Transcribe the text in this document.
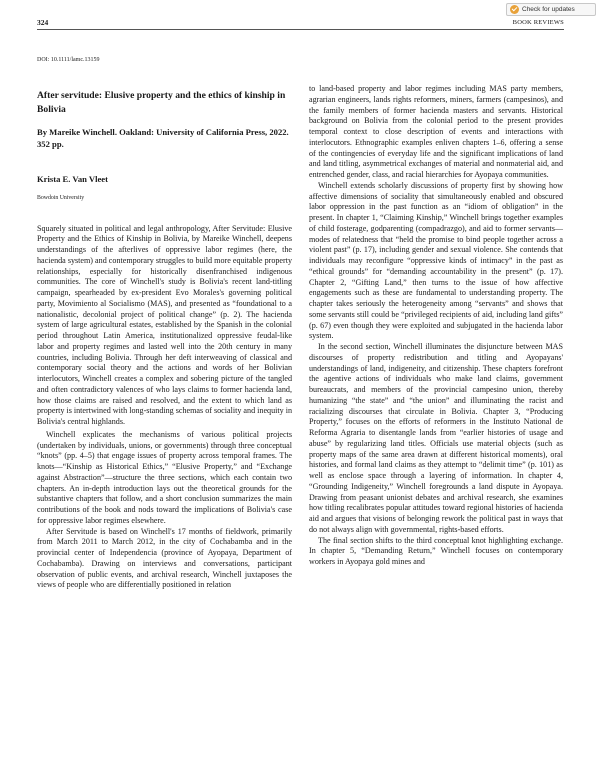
324
Check for updates
BOOK REVIEWS
DOI: 10.1111/lamc.13159
After servitude: Elusive property and the ethics of kinship in Bolivia
By Mareike Winchell. Oakland: University of California Press, 2022. 352 pp.
Krista E. Van Vleet
Bowdoin University

Squarely situated in political and legal anthropology, After Servitude: Elusive Property and the Ethics of Kinship in Bolivia, by Mareike Winchell, deepens understandings of the afterlives of oppressive labor regimes (here, the hacienda system) and contemporary struggles to build more equitable property relationships, especially for historically disenfranchised indigenous communities. The core of Winchell's study is Bolivia's recent land-titling campaign, spearheaded by ex-president Evo Morales's governing political party, Movimiento al Socialismo (MAS), and presented as “foundational to a nationalistic, decolonial project of political change” (p. 2). The hacienda system of large agricultural estates, established by the Spanish in the colonial period throughout Latin America, institutionalized oppressive feudal-like labor and property regimes and lasted well into the 20th century in many countries, including Bolivia. Through her deft interweaving of classical and contemporary social theory and the actions and words of her Bolivian interlocutors, Winchell creates a complex and sobering picture of the tangled and often contradictory valences of who lays claims to former hacienda land, how those claims are raised and resolved, and the extent to which land as property is intertwined with long-standing schemas of sociality and inequity in Bolivia's central highlands.

Winchell explicates the mechanisms of various political projects (undertaken by individuals, unions, or governments) through three conceptual “knots” (pp. 4–5) that engage issues of property across temporal frames. The knots—“Kinship as Historical Ethics,” “Elusive Property,” and “Exchange against Abstraction”—structure the three sections, which each contain two chapters. An in-depth introduction lays out the theoretical grounds for the substantive chapters that follow, and a short conclusion summarizes the main contributions of the book and nods toward the implications of Bolivia's case for oppressive labor regimes elsewhere.

After Servitude is based on Winchell's 17 months of fieldwork, primarily from March 2011 to March 2012, in the city of Cochabamba and in the provincial center of Independencia (province of Ayopaya, Department of Cochabamba). Drawing on interviews and conversations, participant observation of public events, and archival research, Winchell juxtaposes the views of people who are differentially positioned in relation

to land-based property and labor regimes including MAS party members, agrarian engineers, lands rights reformers, miners, farmers (campesinos), and the family members of former hacienda masters and servants. Historical background on Bolivia from the colonial period to the present provides temporal context to close description of events and interactions with interlocutors. Ethnographic examples enliven chapters 1–6, offering a sense of the contingencies of everyday life and the significant implications of land and land titling, asymmetrical exchanges of material and nonmaterial aid, and entrenched gender, class, and racial hierarchies for Ayopaya communities.

Winchell extends scholarly discussions of property first by showing how affective dimensions of sociality that simultaneously enabled and obscured labor oppression in the past function as an “idiom of obligation” in the present. In chapter 1, “Claiming Kinship,” Winchell brings together examples of child fosterage, godparenting (compadrazgo), and aid to former servants—modes of relatedness that “held the promise to bind people together across a violent past” (p. 17), including gender and sexual violence. She contends that individuals may reconfigure “oppressive kinds of intimacy” in the past as “ethical grounds” for “demanding accountability in the present” (p. 17). Chapter 2, “Gifting Land,” then turns to the issue of how affective engagements such as these are fundamental to understanding property. The chapter takes seriously the heterogeneity among “servants” and shows that some servants still could be “privileged recipients of aid, including land gifts” (p. 67) even though they were exploited and subjugated in the hacienda labor system.

In the second section, Winchell illuminates the disjuncture between MAS discourses of property redistribution and titling and Ayopayans' understandings of land, indigeneity, and citizenship. These chapters forefront the agentive actions of individuals who make land claims, government bureaucrats, and members of the provincial campesino union, thereby humanizing “the state” and “the union” and illuminating the racist and racializing discourses that circulate in Bolivia. Chapter 3, “Producing Property,” focuses on the efforts of reformers in the Instituto National de Reforma Agraria to disentangle lands from “earlier histories of usage and abuse” by regularizing land titles. Officials use material objects (such as property maps of the same area drawn at different historical moments), oral histories, and formal land claims as they attempt to “delimit time” (p. 101) as well as enclose space through a layering of information. In chapter 4, “Grounding Indigeneity,” Winchell foregrounds a land dispute in Ayopaya. Drawing from peasant unionist debates and archival research, she examines how titling recalibrates popular attitudes toward regional histories of hacienda aid and argues that visions of belonging rework the political past in ways that do not always align with governmental, rights-based efforts.

The final section shifts to the third conceptual knot highlighting exchange. In chapter 5, “Demanding Return,” Winchell focuses on contemporary workers in Ayopaya gold mines and
